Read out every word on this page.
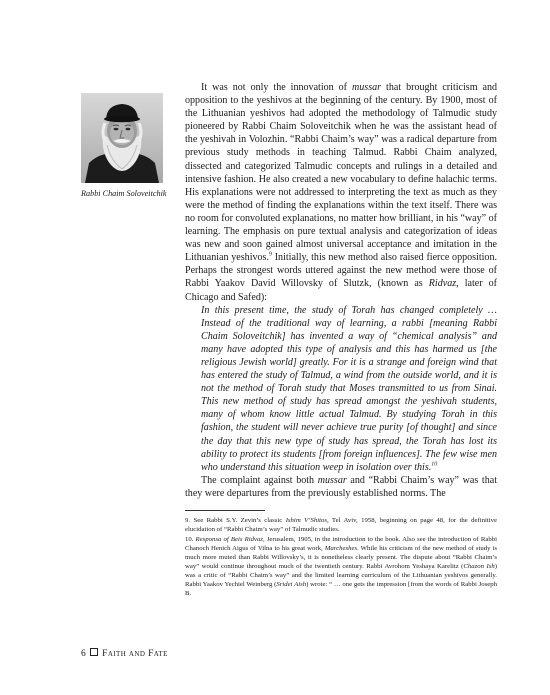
Rabbi Chaim Soloveitchik

It was not only the innovation of mussar that brought criticism and opposition to the yeshivos at the beginning of the century. By 1900, most of the Lithuanian yeshivos had adopted the methodology of Talmudic study pioneered by Rabbi Chaim Soloveitchik when he was the assistant head of the yeshivah in Volozhin. “Rabbi Chaim’s way” was a radical departure from previous study methods in teaching Talmud. Rabbi Chaim analyzed, dissected and categorized Talmudic concepts and rulings in a detailed and intensive fashion. He also created a new vocabulary to define halachic terms. His explanations were not addressed to interpreting the text as much as they were the method of finding the explanations within the text itself. There was no room for convoluted explanations, no matter how brilliant, in his “way” of learning. The emphasis on pure textual analysis and categorization of ideas was new and soon gained almost universal acceptance and imitation in the Lithuanian yeshivos.$^9$ Initially, this new method also raised fierce opposition. Perhaps the strongest words uttered against the new method were those of Rabbi Yaakov David Willovsky of Slutzk, (known as Ridvaz, later of Chicago and Safed):

In this present time, the study of Torah has changed completely … Instead of the traditional way of learning, a rabbi [meaning Rabbi Chaim Soloveitchik] has invented a way of “chemical analysis” and many have adopted this type of analysis and this has harmed us [the religious Jewish world] greatly. For it is a strange and foreign wind that has entered the study of Talmud, a wind from the outside world, and it is not the method of Torah study that Moses transmitted to us from Sinai. This new method of study has spread amongst the yeshivah students, many of whom know little actual Talmud. By studying Torah in this fashion, the student will never achieve true purity [of thought] and since the day that this new type of study has spread, the Torah has lost its ability to protect its students [from foreign influences]. The few wise men who understand this situation weep in isolation over this.$^{10}$

The complaint against both mussar and “Rabbi Chaim’s way” was that they were departures from the previously established norms. The

9. See Rabbi S.Y. Zevin’s classic Ishim V’Shitos, Tel Aviv, 1958, beginning on page 48, for the definitive elucidation of “Rabbi Chaim’s way” of Talmudic studies.

10. Responsa of Beis Ridvaz, Jerusalem, 1905, in the introduction to the book. Also see the introduction of Rabbi Chanoch Henich Aigus of Vilna to his great work, Marcheshes. While his criticism of the new method of study is much more muted than Rabbi Willovsky’s, it is nonetheless clearly present. The dispute about “Rabbi Chaim’s way” would continue throughout much of the twentieth century. Rabbi Avrohom Yeshaya Karelitz (Chazon Ish) was a critic of “Rabbi Chaim’s way” and the limited learning curriculum of the Lithuanian yeshivos generally. Rabbi Yaakov Yechiel Weinberg (Sridei Aish) wrote: “ … one gets the impression [from the words of Rabbi Joseph B.

6 Faith and Fate
